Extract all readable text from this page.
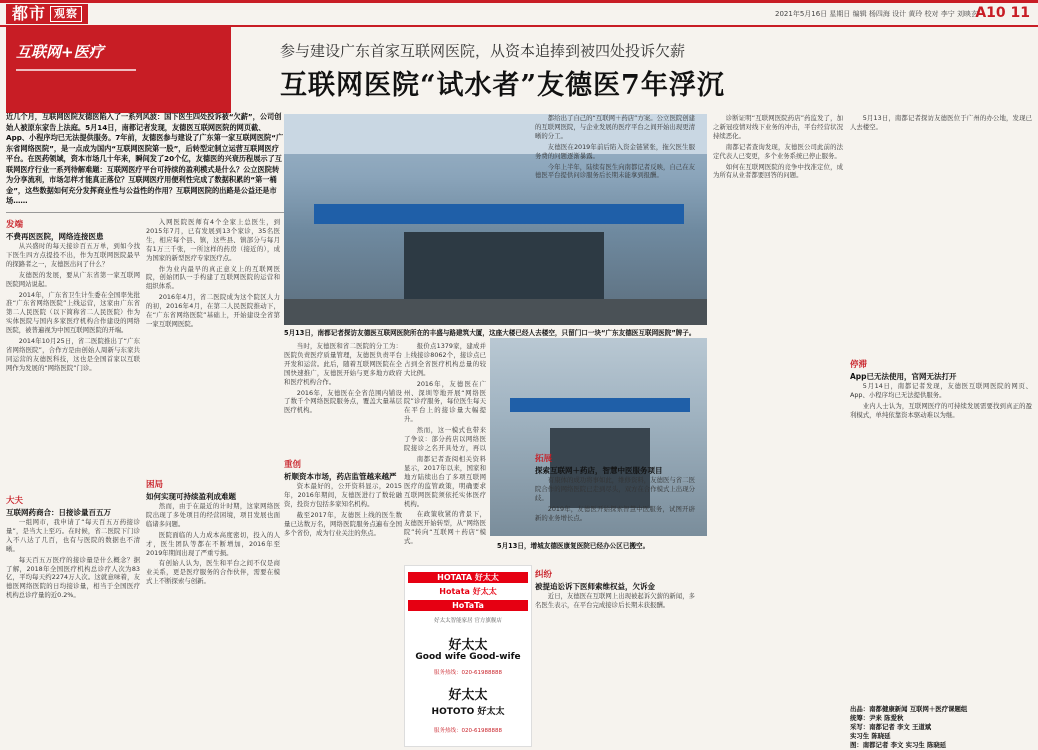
都市 观察	2021年5月16日 星期日 编辑 杨四海 设计 黄玲 校对 李宁 刘映玄
A10 11
互联网+医疗	参与建设广东首家互联网医院，从资本追捧到被四处投诉欠薪
互联网医院“试水者”友德医7年浮沉
近几个月，互联网医院友德医陷入了一系列风波：国下医生四处投诉被“欠薪”，公司创始人被原东家告上法庭。5月14日，南都记者发现，友德医互联网医院的网页截、App、小程序均已无法提供服务。7年前，友德医参与建设了广东第一家互联网医院“广东省网络医院”，是一点成为国内“互联网医院第一股”，后转型定制立运营互联网医疗平台。在医药领域，资本市场几十年来，瞬间发了20个亿，友德医的兴衰历程展示了互联网医疗行业一系列待解难题：互联网医疗平台可持续的盈利模式是什么？公立医院转为分享流利，市场怎样才能真正落位？互联网医疗用便利性完成了数据积累的“第一桶金”，这些数据如何充分发挥商业性与公益性的作用？互联网医院的出路是公益还是市场……
发端
不费再医医院，网络连接医患

从兴盛时的每天接诊百五万单，到如今找下医生四方点提投不出，作为互联网医院最早的探路者之一，友德医出问了什么？

友德医的发展，要从广东省第一家互联网医院网站说起。

2014年，广东省卫生计生委在全国率先批准“广东省网络医院”上线运营，这家由广东省第二人民医院（以下简称省二人民医院）作为实体医院与国内多家医疗机构合作建设的网络医院，被普遍视为中国互联网医院的开端。

2014年10月25日，省二医院推出了“广东省网络医院”，合作方是由创始人周新与东家共同运营的友德医科技，这也是全国首家以互联网作为发展的“网络医院”门诊。

大夫
互联网药商合：日接诊量百五万

一组网市，我申请了“每天百五万药接诊量”，是当大上至巧。在时候，省二医院下门诊入不八达了几百，也有与医院的数据也不清晰。

每天百五万医疗的接诊量是什么概念？据了解，2018年全国医疗机构总诊疗人次为83亿，平均每天约2274万人次。这就意味着，友德医网络医院的日均接诊量，相当于全国医疗机构总诊疗量的近0.2%。

入网医院医师有4个全家上总医生，到2015年7月，已有发展到13个家诊，35名医生，相应每个县、镇，这些县、镇部分与每月有1万三千张，一所这样的药房（接近的），成为国家的新型医疗专家医疗点。

作为业内最早的真正意义上的互联网医院，创始团队一手构建了互联网医院的运营和组织体系。

2016年4月，省二医院成为这个院区人力的初，2016年4月，在第二人民医院推动下，在“广东省网络医院”基础上，开始建设全省第一家互联网医院。

困局
如何实现可持续盈利成难题

然而，由于在最近的计时期，这家网络医院出现了多处项目的经营困境，项目发展也面临诸多问题。

医院面临的人力成本高度密切，投入的人才，医生团队等都在不断增加，2016年至2019年期间出现了严重亏损。

有创始人认为，医生和平台之间不仅是商业关系，更是医疗服务的合作伙伴，需要在模式上不断探索与创新。

5月13日，南都记者探访友德医互联网医院所在的丰盛与路建筑大厦，这座大楼已经人去楼空，只留门口一块“广东友德医互联网医院”牌子。

当时，友德医和省二医院的分工为：医院负责医疗质量管理，友德医负责平台开发和运营。此后，随着互联网医院在全国快速推广，友德医开始与更多地方政府和医疗机构合作。

2016年，友德医在全省范围内铺设了数千个网络医院服务点，覆盖大量基层医疗机构。

重创
析顺资本市场，药店监管越来越严

资本最好的，公开资料显示，2015年，2016年期间，友德医进行了数轮融资，投资方包括多家知名机构。

截至2017年，友德医上线的医生数量已达数万名，网络医院服务点遍布全国多个省份，成为行业关注的焦点。

报价点1379家，建成并上线接诊8062个，接诊点已占到全省医疗机构总量的较大比例。

2016年，友德医在广州、深圳等地开展“网络医院”诊疗服务，每位医生每天在平台上的接诊量大幅提升。

然而，这一模式也带来了争议：部分药店以网络医院接诊之名开具处方，再以

南都记者查阅相关资料显示，2017年以来，国家和地方陆续出台了多项互联网医疗的监管政策，明确要求互联网医院须依托实体医疗机构。

在政策收紧的背景下，友德医开始转型，从“网络医院”转向“互联网＋药店”模式。

5月13日，增城友德医康复医院已经办公区已搬空。
HOTATA 好太太
Hotata 好太太
HoTaTa
好太太智能家居 官方旗舰店
好太太
Good wife Good-wife
服务热线：020-61988888
好太太
HOTOTO 好太太
服务热线：020-61988888

都给出了自己的“互联网＋药店”方案。公立医院创建的互联网医院，与企业发展的医疗平台之间开始出现更清晰的分工。

友德医在2019年前后陷入资金链紧张，拖欠医生服务费的问题逐渐暴露。

今年上半年，陆续有医生向南都记者反映，自己在友德医平台提供问诊服务后长期未能拿到报酬。

拓展
探索互联网＋药店，智慧中医服务项目

有康体的成功将事如此，维修资料，友德医与省二医院合作的网络医院已走到尽头，双方在合作模式上出现分歧。

2019年，友德医开始探索智慧中医服务，试图开辟新的业务增长点。

纠纷
被提追讼诉下医师索维权益，欠诉金

近日，友德医在互联网上出现被起诉欠薪的新闻，多名医生表示，在平台完成接诊后长期未获报酬。

诊断证明“互联网医院药店”药监发了，加之新冠疫情对线下业务的冲击，平台经营状况持续恶化。

南都记者查询发现，友德医公司此前的法定代表人已变更，多个业务系统已停止服务。

如何在互联网医院的竞争中找准定位，成为所有从业者都要回答的问题。

5月13日，南都记者探访友德医位于广州的办公地，发现已人去楼空。

停滞
App已无法使用，官网无法打开

5月14日，南都记者发现，友德医互联网医院的网页、App、小程序均已无法提供服务。

业内人士认为，互联网医疗的可持续发展需要找到真正的盈利模式，单纯依靠资本驱动难以为继。

出品：南都健康新闻 互联网＋医疗课题组
统筹：尹来 陈爱秋
采写：南都记者 李文 王道斌
实习生 陈晓延
图：南都记者 李文 实习生 陈晓延
